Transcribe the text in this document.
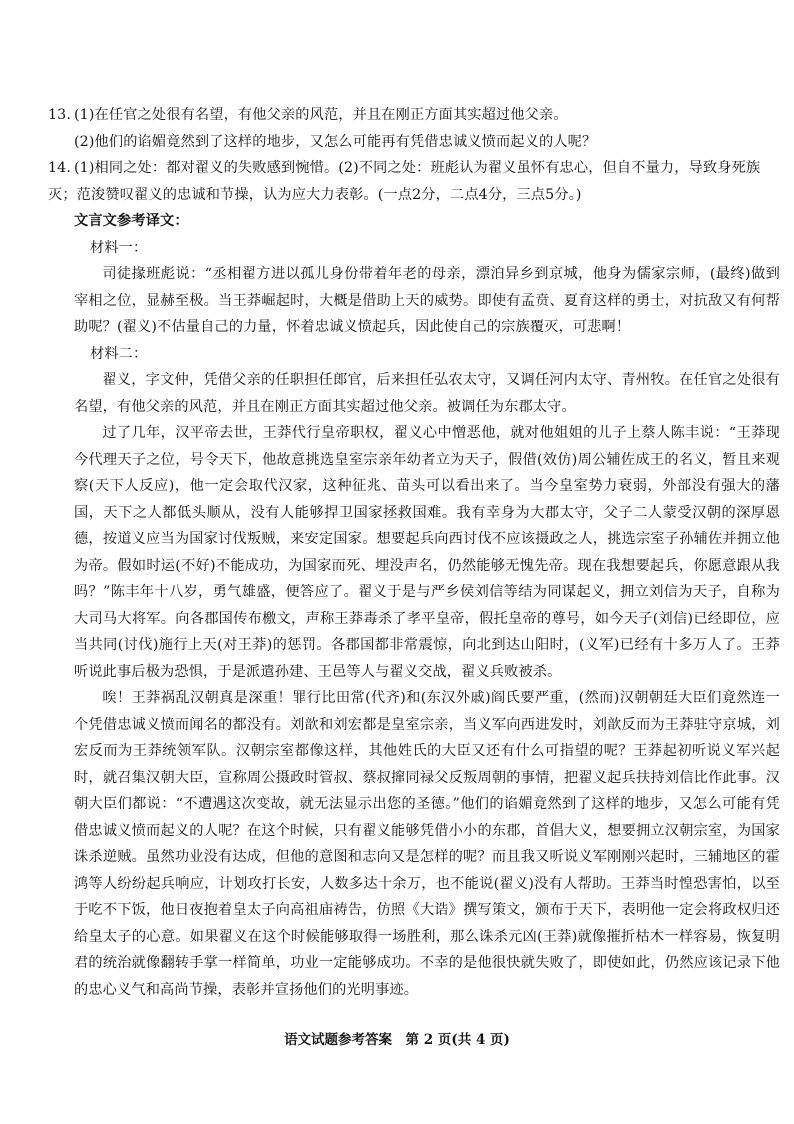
13. (1)在任官之处很有名望，有他父亲的风范，并且在刚正方面其实超过他父亲。

(2)他们的谄媚竟然到了这样的地步，又怎么可能再有凭借忠诚义愤而起义的人呢？

14. (1)相同之处：都对翟义的失败感到惋惜。(2)不同之处：班彪认为翟义虽怀有忠心，但自不量力，导致身死族灭；范浚赞叹翟义的忠诚和节操，认为应大力表彰。(一点2分，二点4分，三点5分。)

文言文参考译文：

材料一：

司徒掾班彪说：“丞相翟方进以孤儿身份带着年老的母亲，漂泊异乡到京城，他身为儒家宗师，(最终)做到宰相之位，显赫至极。当王莽崛起时，大概是借助上天的威势。即使有孟贲、夏育这样的勇士，对抗敌又有何帮助呢？(翟义)不估量自己的力量，怀着忠诚义愤起兵，因此使自己的宗族覆灭，可悲啊！

材料二：

翟义，字文仲，凭借父亲的任职担任郎官，后来担任弘农太守，又调任河内太守、青州牧。在任官之处很有名望，有他父亲的风范，并且在刚正方面其实超过他父亲。被调任为东郡太守。

过了几年，汉平帝去世，王莽代行皇帝职权，翟义心中憎恶他，就对他姐姐的儿子上蔡人陈丰说：“王莽现今代理天子之位，号令天下，他故意挑选皇室宗亲年幼者立为天子，假借(效仿)周公辅佐成王的名义，暂且来观察(天下人反应)，他一定会取代汉家，这种征兆、苗头可以看出来了。当今皇室势力衰弱，外部没有强大的藩国，天下之人都低头顺从，没有人能够捍卫国家拯救国难。我有幸身为大郡太守，父子二人蒙受汉朝的深厚恩德，按道义应当为国家讨伐叛贼，来安定国家。想要起兵向西讨伐不应该摄政之人，挑选宗室子孙辅佐并拥立他为帝。假如时运(不好)不能成功，为国家而死、埋没声名，仍然能够无愧先帝。现在我想要起兵，你愿意跟从我吗？”陈丰年十八岁，勇气雄盛，便答应了。翟义于是与严乡侯刘信等结为同谋起义，拥立刘信为天子，自称为大司马大将军。向各郡国传布檄文，声称王莽毒杀了孝平皇帝，假托皇帝的尊号，如今天子(刘信)已经即位，应当共同(讨伐)施行上天(对王莽)的惩罚。各郡国都非常震惊，向北到达山阳时，(义军)已经有十多万人了。王莽听说此事后极为恐惧，于是派遣孙建、王邑等人与翟义交战，翟义兵败被杀。

唉！王莽祸乱汉朝真是深重！罪行比田常(代齐)和(东汉外戚)阎氏要严重，(然而)汉朝朝廷大臣们竟然连一个凭借忠诚义愤而闻名的都没有。刘歆和刘宏都是皇室宗亲，当义军向西进发时，刘歆反而为王莽驻守京城，刘宏反而为王莽统领军队。汉朝宗室都像这样，其他姓氏的大臣又还有什么可指望的呢？王莽起初听说义军兴起时，就召集汉朝大臣，宣称周公摄政时管叔、蔡叔撺同禄父反叛周朝的事情，把翟义起兵扶持刘信比作此事。汉朝大臣们都说：“不遭遇这次变故，就无法显示出您的圣德。”他们的谄媚竟然到了这样的地步，又怎么可能有凭借忠诚义愤而起义的人呢？在这个时候，只有翟义能够凭借小小的东郡，首倡大义，想要拥立汉朝宗室，为国家诛杀逆贼。虽然功业没有达成，但他的意图和志向又是怎样的呢？而且我又听说义军刚刚兴起时，三辅地区的霍鸿等人纷纷起兵响应，计划攻打长安，人数多达十余万，也不能说(翟义)没有人帮助。王莽当时惶恐害怕，以至于吃不下饭，他日夜抱着皇太子向高祖庙祷告，仿照《大诰》撰写策文，颁布于天下，表明他一定会将政权归还给皇太子的心意。如果翟义在这个时候能够取得一场胜利，那么诛杀元凶(王莽)就像摧折枯木一样容易，恢复明君的统治就像翻转手掌一样简单，功业一定能够成功。不幸的是他很快就失败了，即使如此，仍然应该记录下他的忠心义气和高尚节操，表彰并宣扬他们的光明事迹。

语文试题参考答案　第 2 页(共 4 页)
